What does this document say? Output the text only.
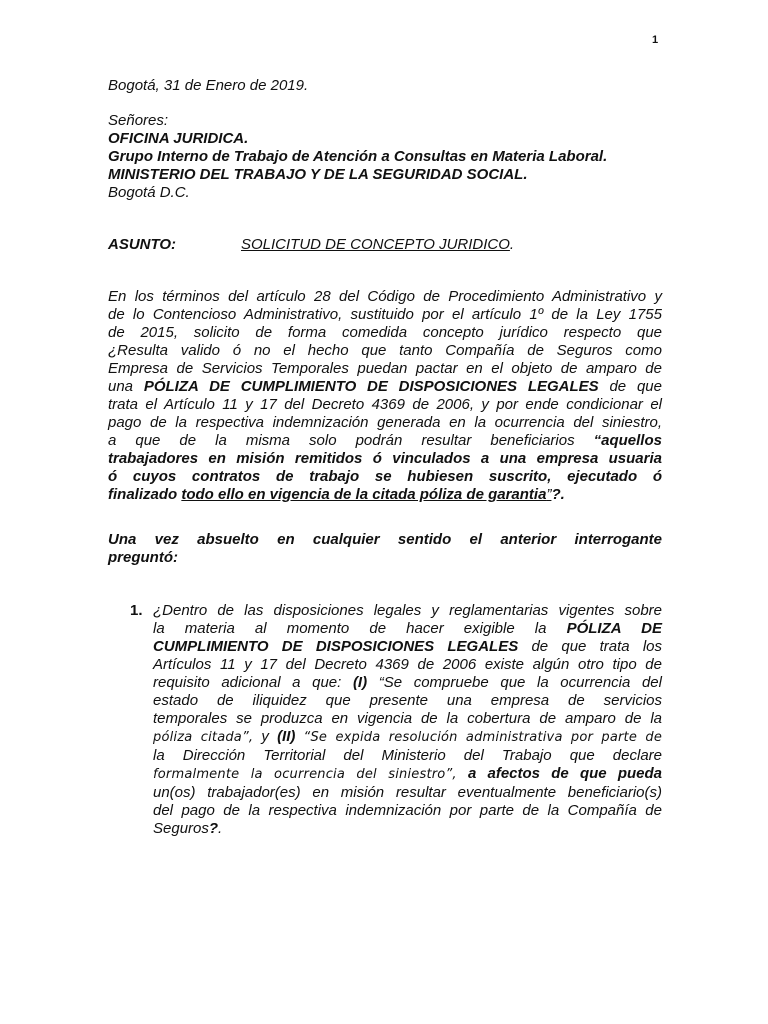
1
Bogotá, 31 de Enero de 2019.
Señores:
OFICINA JURIDICA.
Grupo Interno de Trabajo de Atención a Consultas en Materia Laboral.
MINISTERIO DEL TRABAJO Y DE LA SEGURIDAD SOCIAL.
Bogotá D.C.
ASUNTO:	SOLICITUD DE CONCEPTO JURIDICO.
En los términos del artículo 28 del Código de Procedimiento Administrativo y
de lo Contencioso Administrativo, sustituido por el artículo 1º de la Ley 1755
de 2015, solicito de forma comedida concepto jurídico respecto que
¿Resulta valido ó no el hecho que tanto Compañía de Seguros como
Empresa de Servicios Temporales puedan pactar en el objeto de amparo de
una PÓLIZA DE CUMPLIMIENTO DE DISPOSICIONES LEGALES de que
trata el Artículo 11 y 17 del Decreto 4369 de 2006, y por ende condicionar el
pago de la respectiva indemnización generada en la ocurrencia del siniestro,
a que de la misma solo podrán resultar beneficiarios “aquellos
trabajadores en misión remitidos ó vinculados a una empresa usuaria
ó cuyos contratos de trabajo se hubiesen suscrito, ejecutado ó
finalizado todo ello en vigencia de la citada póliza de garantia”?.
Una vez absuelto en cualquier sentido el anterior interrogante
preguntó:
1. ¿Dentro de las disposiciones legales y reglamentarias vigentes sobre
la materia al momento de hacer exigible la PÓLIZA DE
CUMPLIMIENTO DE DISPOSICIONES LEGALES de que trata los
Artículos 11 y 17 del Decreto 4369 de 2006 existe algún otro tipo de
requisito adicional a que: (I) “Se compruebe que la ocurrencia del
estado de iliquidez que presente una empresa de servicios
temporales se produzca en vigencia de la cobertura de amparo de la
póliza citada”, y (II) “Se expida resolución administrativa por parte de
la Dirección Territorial del Ministerio del Trabajo que declare
formalmente la ocurrencia del siniestro”, a afectos de que pueda
un(os) trabajador(es) en misión resultar eventualmente beneficiario(s)
del pago de la respectiva indemnización por parte de la Compañía de
Seguros?.
